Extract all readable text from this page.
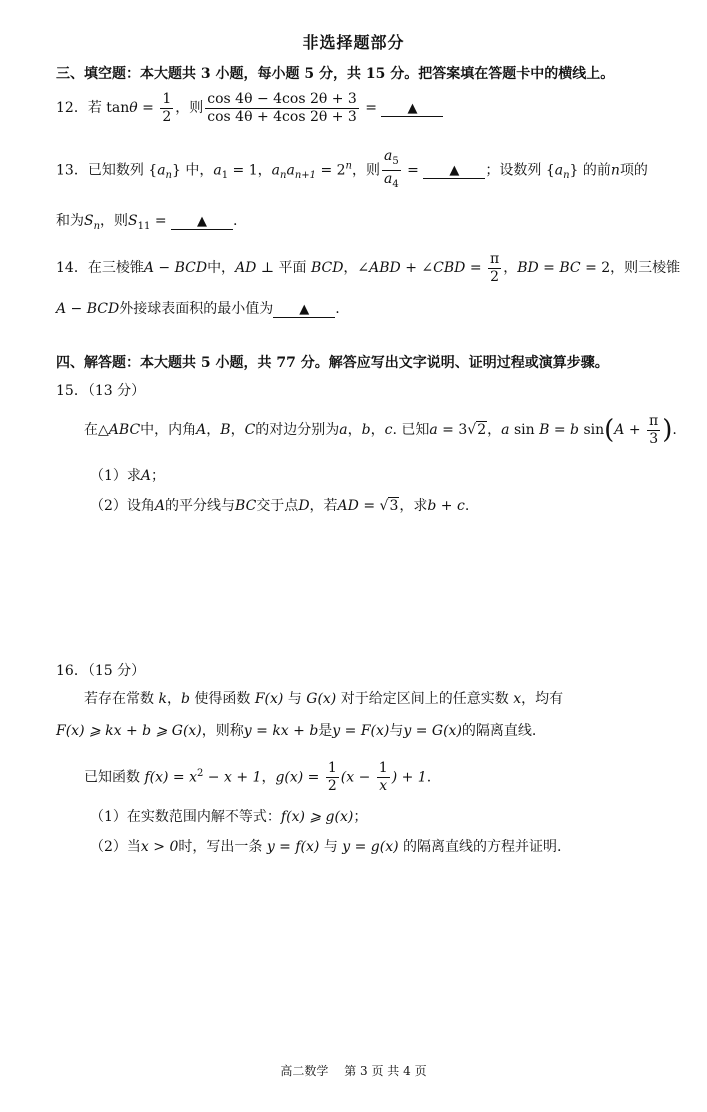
非选择题部分
三、填空题：本大题共 3 小题，每小题 5 分，共 15 分。把答案填在答题卡中的横线上。
12．若 $\tan\theta = \frac{1}{2}$ ，则 $\frac{\cos 4\theta - 4\cos 2\theta + 3}{\cos 4\theta + 4\cos 2\theta + 3}$ = ▲
13．已知数列 $\{a_n\}$ 中，$a_1 = 1$，$a_na_{n+1} = 2^n$，则 $\frac{a_5}{a_4}$ = ▲ ；设数列 $\{a_n\}$ 的前n项的
和为$S_n$，则$S_{11}$ = ▲ .
14．在三棱锥A − BCD中，AD ⊥ 平面 BCD，∠ABD + ∠CBD = $\frac{\pi}{2}$ ，BD = BC = 2，则三棱锥
A − BCD外接球表面积的最小值为 ▲ .
四、解答题：本大题共 5 小题，共 77 分。解答应写出文字说明、证明过程或演算步骤。
15．（13 分）
在△ABC中，内角A，B，C的对边分别为a，b，c. 已知a = 3√2，a sin B = b $\sin(A + \frac{\pi}{3}$ ).
（1）求A；
（2）设角A的平分线与BC交于点D，若AD = √3，求b + c.
16．（15 分）
若存在常数 k，b 使得函数 F(x) 与 G(x) 对于给定区间上的任意实数 x，均有
F(x) ⩾ kx + b ⩾ G(x)，则称y = kx + b是y = F(x)与y = G(x)的隔离直线.
已知函数 $f(x) = x^2 - x + 1$，$g(x) = \frac{1}{2} (x - \frac{1}{x}$ ) + 1.
（1）在实数范围内解不等式：f(x) ⩾ g(x)；
（2）当x > 0时，写出一条 y = f(x) 与 y = g(x) 的隔离直线的方程并证明.
高二数学　 第 3 页 共 4 页
